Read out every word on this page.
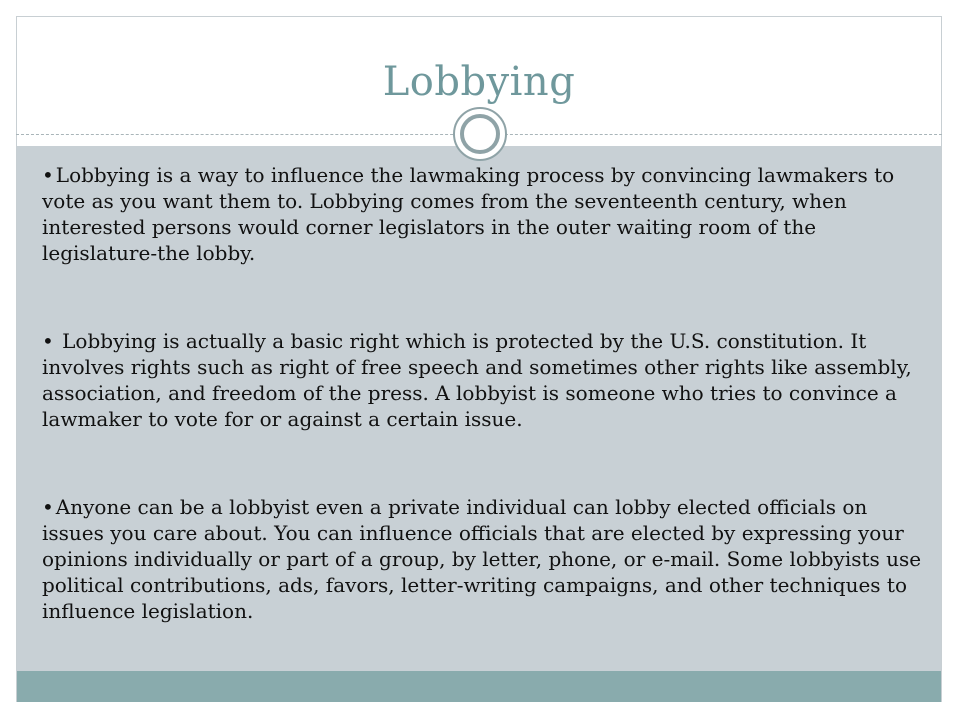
Lobbying

• Lobbying is a way to influence the lawmaking process by convincing lawmakers to vote as you want them to. Lobbying comes from the seventeenth century, when interested persons would corner legislators in the outer waiting room of the legislature-the lobby.

• Lobbying is actually a basic right which is protected by the U.S. constitution. It involves rights such as right of free speech and sometimes other rights like assembly, association, and freedom of the press. A lobbyist is someone who tries to convince a lawmaker to vote for or against a certain issue.

• Anyone can be a lobbyist even a private individual can lobby elected officials on issues you care about. You can influence officials that are elected by expressing your opinions individually or part of a group, by letter, phone, or e-mail. Some lobbyists use political contributions, ads, favors, letter-writing campaigns, and other techniques to influence legislation.
